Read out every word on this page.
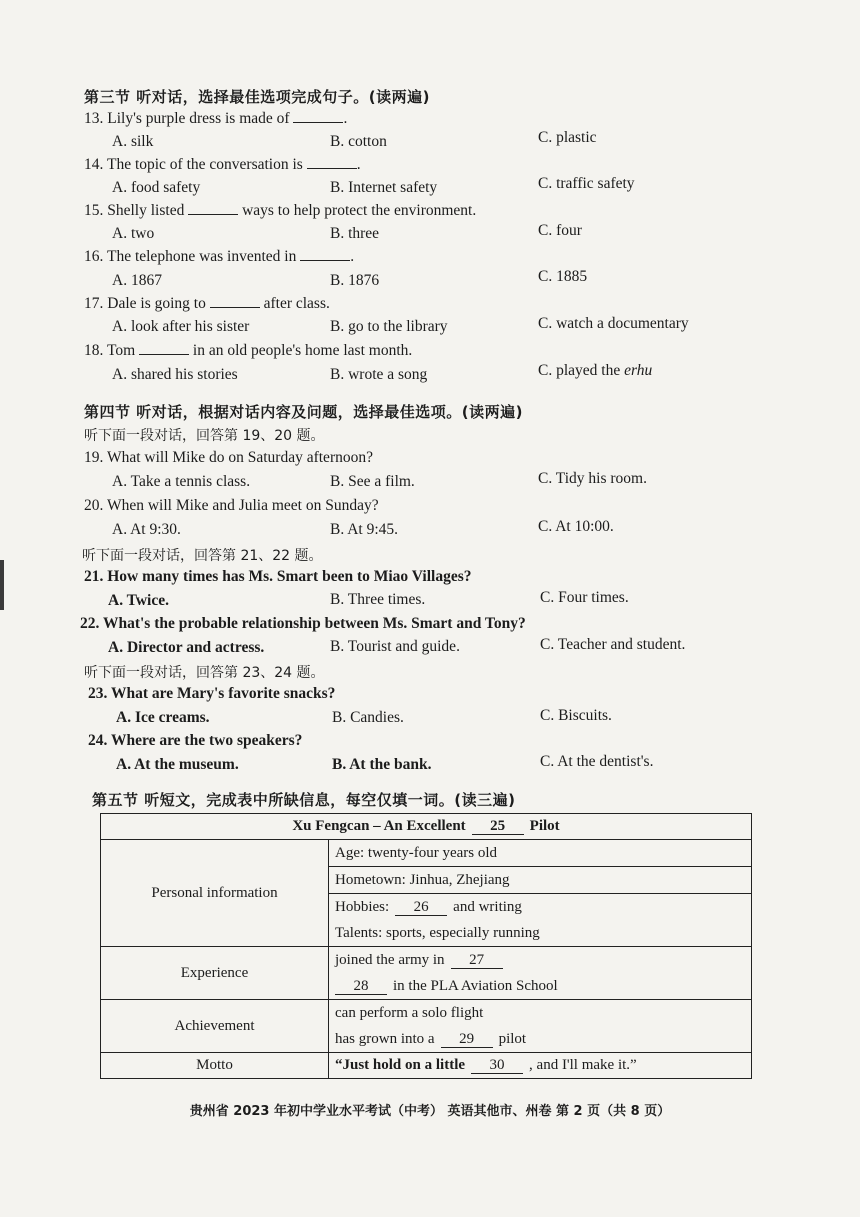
第三节 听对话，选择最佳选项完成句子。(读两遍)
13. Lily's purple dress is made of	.
A. silk	B. cotton	C. plastic
14. The topic of the conversation is	.
A. food safety	B. Internet safety	C. traffic safety
15. Shelly listed	ways to help protect the environment.
A. two	B. three	C. four
16. The telephone was invented in	.
A. 1867	B. 1876	C. 1885
17. Dale is going to	after class.
A. look after his sister	B. go to the library	C. watch a documentary
18. Tom	in an old people's home last month.
A. shared his stories	B. wrote a song	C. played the erhu
第四节 听对话，根据对话内容及问题，选择最佳选项。(读两遍)
听下面一段对话，回答第 19、20 题。
19. What will Mike do on Saturday afternoon?
A. Take a tennis class.	B. See a film.	C. Tidy his room.
20. When will Mike and Julia meet on Sunday?
A. At 9:30.	B. At 9:45.	C. At 10:00.
听下面一段对话，回答第 21、22 题。
21. How many times has Ms. Smart been to Miao Villages?
A. Twice.	B. Three times.	C. Four times.
22. What's the probable relationship between Ms. Smart and Tony?
A. Director and actress.	B. Tourist and guide.	C. Teacher and student.
听下面一段对话，回答第 23、24 题。
23. What are Mary's favorite snacks?
A. Ice creams.	B. Candies.	C. Biscuits.
24. Where are the two speakers?
A. At the museum.	B. At the bank.	C. At the dentist's.
第五节 听短文，完成表中所缺信息，每空仅填一词。(读三遍)
Xu Fengcan – An Excellent 25 Pilot	
Personal information	Age: twenty-four years old
Hometown: Jinhua, Zhejiang
Hobbies: 26 and writing
Talents: sports, especially running

Experience	joined the army in 27
28 in the PLA Aviation School

Achievement	can perform a solo flight
has grown into a 29 pilot

Motto	“Just hold on a little 30 , and I'll make it.”
贵州省 2023 年初中学业水平考试（中考） 英语其他市、州卷 第 2 页（共 8 页）
